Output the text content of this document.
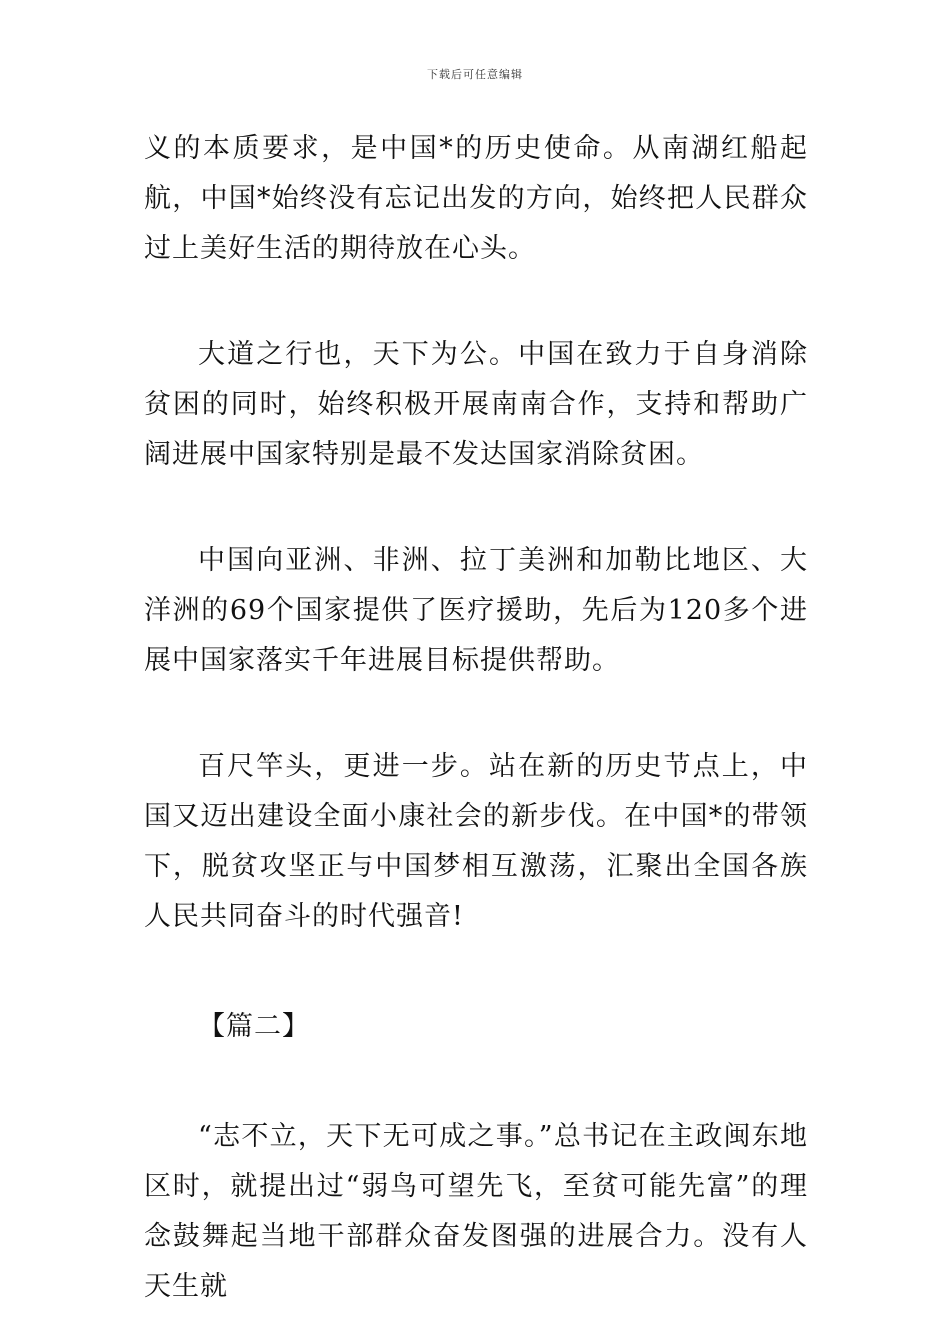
下载后可任意编辑

义的本质要求，是中国*的历史使命。从南湖红船起航，中国*始终没有忘记出发的方向，始终把人民群众过上美好生活的期待放在心头。

大道之行也，天下为公。中国在致力于自身消除贫困的同时，始终积极开展南南合作，支持和帮助广阔进展中国家特别是最不发达国家消除贫困。

中国向亚洲、非洲、拉丁美洲和加勒比地区、大洋洲的69个国家提供了医疗援助，先后为120多个进展中国家落实千年进展目标提供帮助。

百尺竿头，更进一步。站在新的历史节点上，中国又迈出建设全面小康社会的新步伐。在中国*的带领下，脱贫攻坚正与中国梦相互激荡，汇聚出全国各族人民共同奋斗的时代强音!

【篇二】

“志不立，天下无可成之事。”总书记在主政闽东地区时，就提出过“弱鸟可望先飞，至贫可能先富”的理念鼓舞起当地干部群众奋发图强的进展合力。没有人天生就
